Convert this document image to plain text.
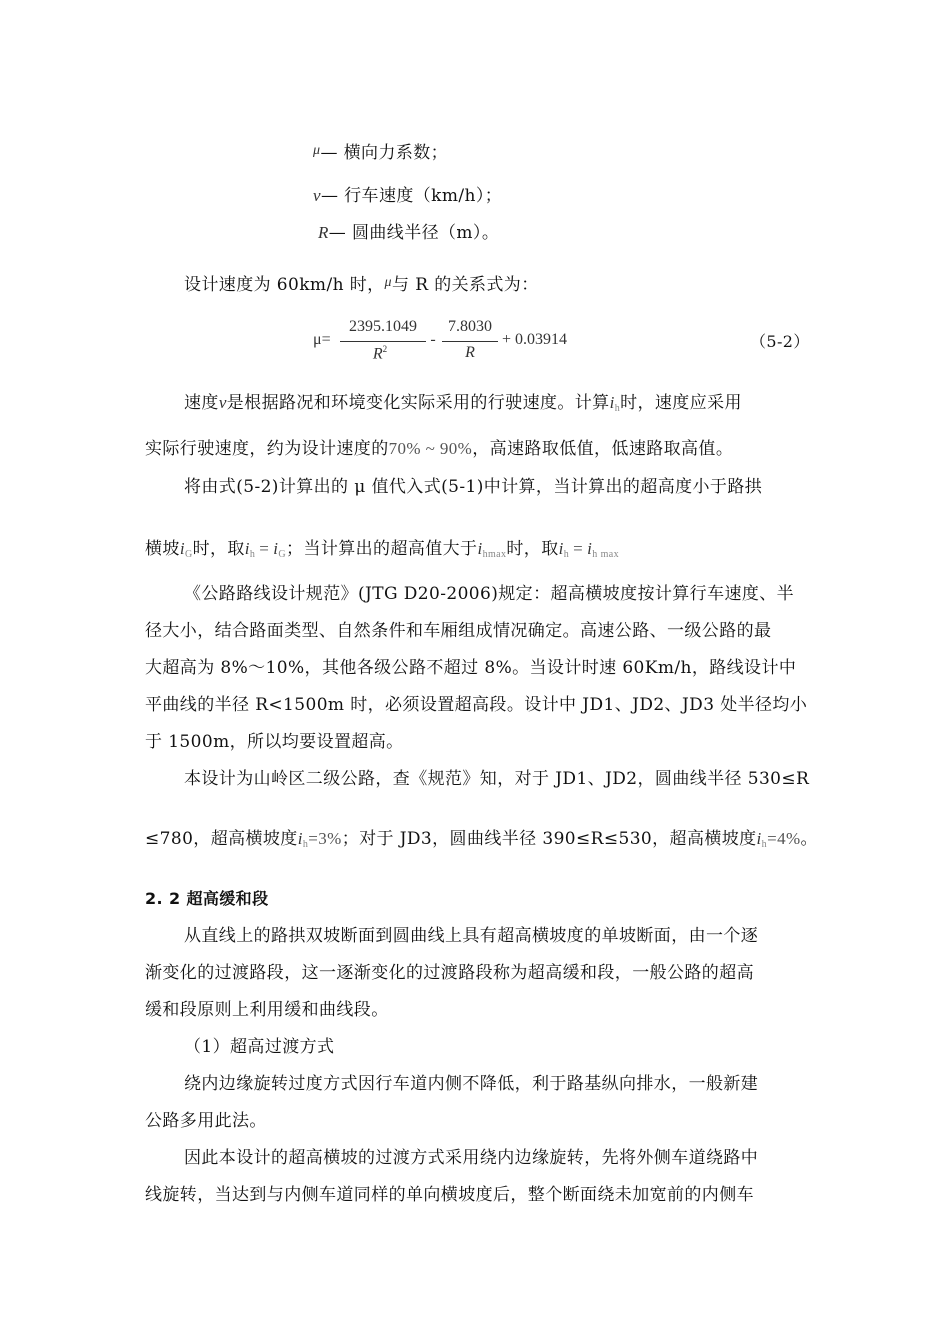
$^\mu$— 横向力系数；
v— 行车速度（km/h）；
R— 圆曲线半径（m）。
设计速度为 60km/h 时，$^\mu$与 R 的关系式为：
μ=
2395.1049
$R^2$
-
7.8030
R
+ 0.03914	（5-2）
速度v是根据路况和环境变化实际采用的行驶速度。计算$i_h$时，速度应采用
实际行驶速度，约为设计速度的70% ~ 90%，高速路取低值，低速路取高值。
将由式(5-2)计算出的 μ 值代入式(5-1)中计算，当计算出的超高度小于路拱
横坡$i_G$时，取$i_h = i_G$；当计算出的超高值大于$i_{hmax}$时，取$i_h = i_{h max}$
《公路路线设计规范》(JTG D20-2006)规定：超高横坡度按计算行车速度、半
径大小，结合路面类型、自然条件和车厢组成情况确定。高速公路、一级公路的最
大超高为 8%～10%，其他各级公路不超过 8%。当设计时速 60Km/h，路线设计中
平曲线的半径 R<1500m 时，必须设置超高段。设计中 JD1、JD2、JD3 处半径均小
于 1500m，所以均要设置超高。
本设计为山岭区二级公路，查《规范》知，对于 JD1、JD2，圆曲线半径 530≤R
≤780，超高横坡度$i_h=3\%$；对于 JD3，圆曲线半径 390≤R≤530，超高横坡度$i_h=4\%$。
2. 2 超高缓和段
从直线上的路拱双坡断面到圆曲线上具有超高横坡度的单坡断面，由一个逐
渐变化的过渡路段，这一逐渐变化的过渡路段称为超高缓和段，一般公路的超高
缓和段原则上利用缓和曲线段。
（1）超高过渡方式
绕内边缘旋转过度方式因行车道内侧不降低，利于路基纵向排水，一般新建
公路多用此法。
因此本设计的超高横坡的过渡方式采用绕内边缘旋转，先将外侧车道绕路中
线旋转，当达到与内侧车道同样的单向横坡度后，整个断面绕未加宽前的内侧车
